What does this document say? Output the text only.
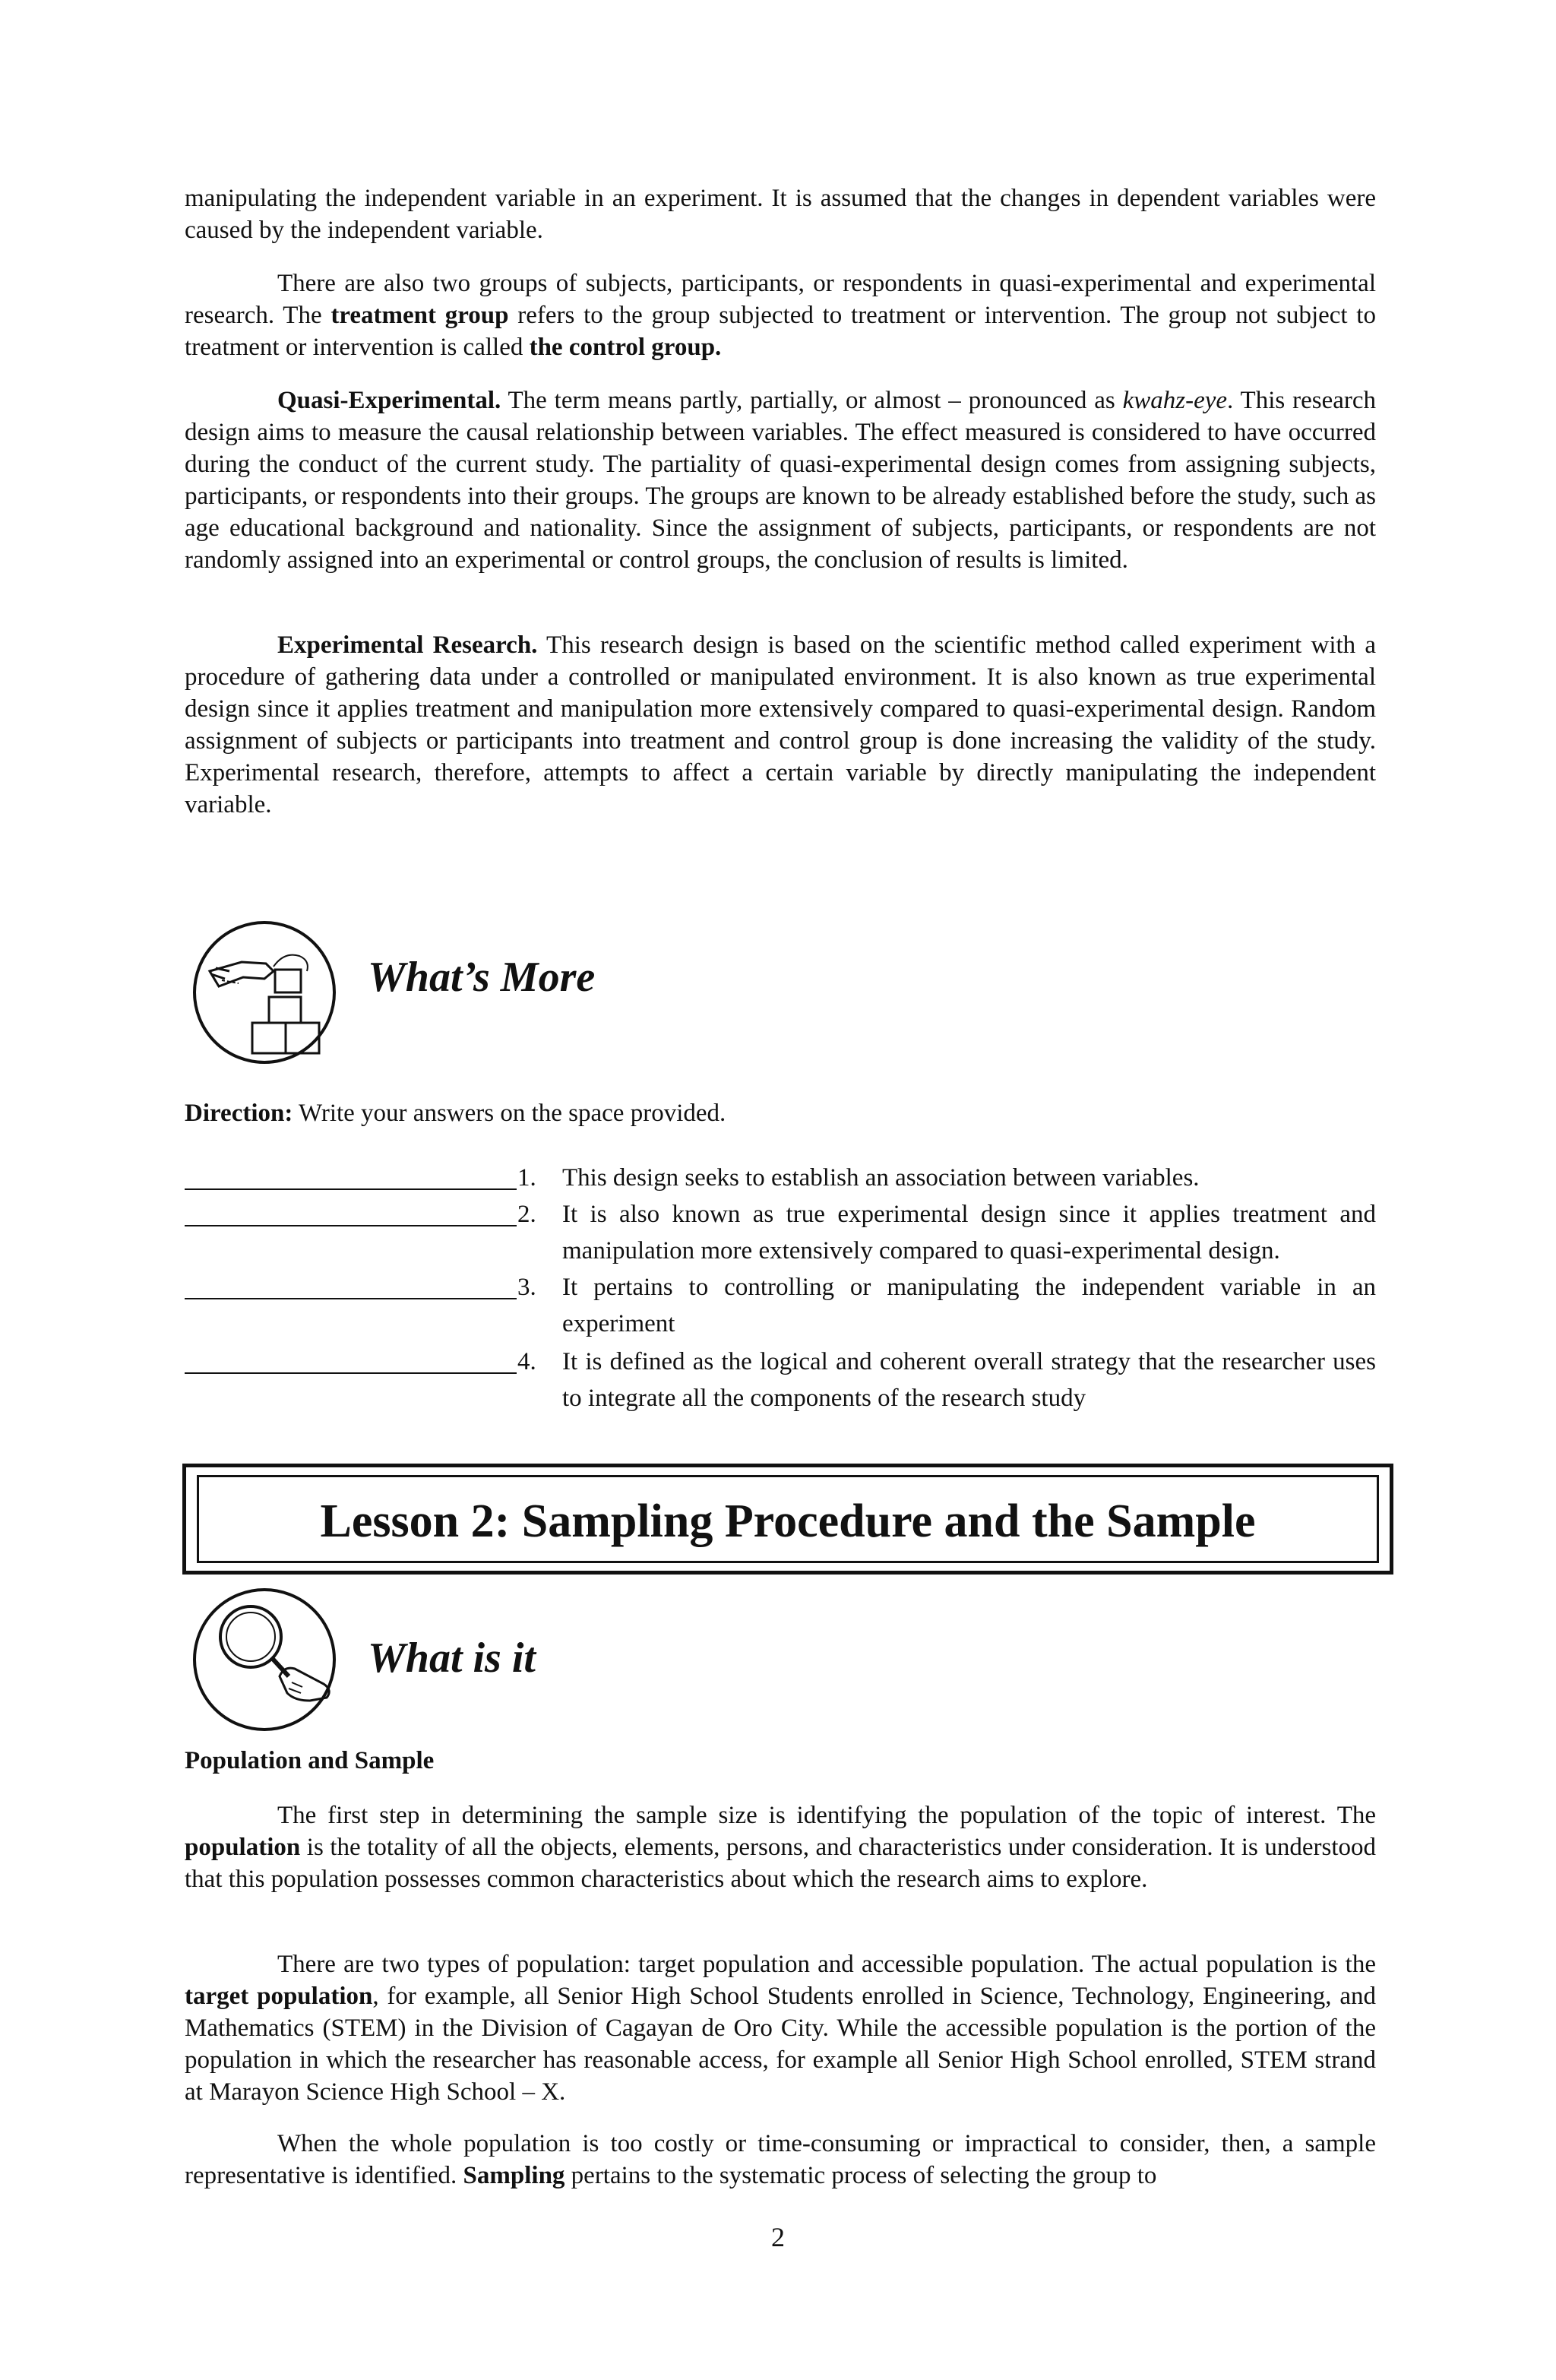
manipulating the independent variable in an experiment. It is assumed that the changes in dependent variables were caused by the independent variable.

There are also two groups of subjects, participants, or respondents in quasi-experimental and experimental research. The treatment group refers to the group subjected to treatment or intervention. The group not subject to treatment or intervention is called the control group.

Quasi-Experimental. The term means partly, partially, or almost – pronounced as kwahz-eye. This research design aims to measure the causal relationship between variables. The effect measured is considered to have occurred during the conduct of the current study. The partiality of quasi-experimental design comes from assigning subjects, participants, or respondents into their groups. The groups are known to be already established before the study, such as age educational background and nationality. Since the assignment of subjects, participants, or respondents are not randomly assigned into an experimental or control groups, the conclusion of results is limited.

Experimental Research. This research design is based on the scientific method called experiment with a procedure of gathering data under a controlled or manipulated environment. It is also known as true experimental design since it applies treatment and manipulation more extensively compared to quasi-experimental design. Random assignment of subjects or participants into treatment and control group is done increasing the validity of the study. Experimental research, therefore, attempts to affect a certain variable by directly manipulating the independent variable.

What’s More

Direction: Write your answers on the space provided.

1.	This design seeks to establish an association between variables.
2.	It is also known as true experimental design since it applies treatment and manipulation more extensively compared to quasi-experimental design.
3.	It pertains to controlling or manipulating the independent variable in an experiment
4.	It is defined as the logical and coherent overall strategy that the researcher uses to integrate all the components of the research study
Lesson 2: Sampling Procedure and the Sample
What is it

Population and Sample

The first step in determining the sample size is identifying the population of the topic of interest. The population is the totality of all the objects, elements, persons, and characteristics under consideration. It is understood that this population possesses common characteristics about which the research aims to explore.

There are two types of population: target population and accessible population. The actual population is the target population, for example, all Senior High School Students enrolled in Science, Technology, Engineering, and Mathematics (STEM) in the Division of Cagayan de Oro City. While the accessible population is the portion of the population in which the researcher has reasonable access, for example all Senior High School enrolled, STEM strand at Marayon Science High School – X.

When the whole population is too costly or time-consuming or impractical to consider, then, a sample representative is identified. Sampling pertains to the systematic process of selecting the group to

2
